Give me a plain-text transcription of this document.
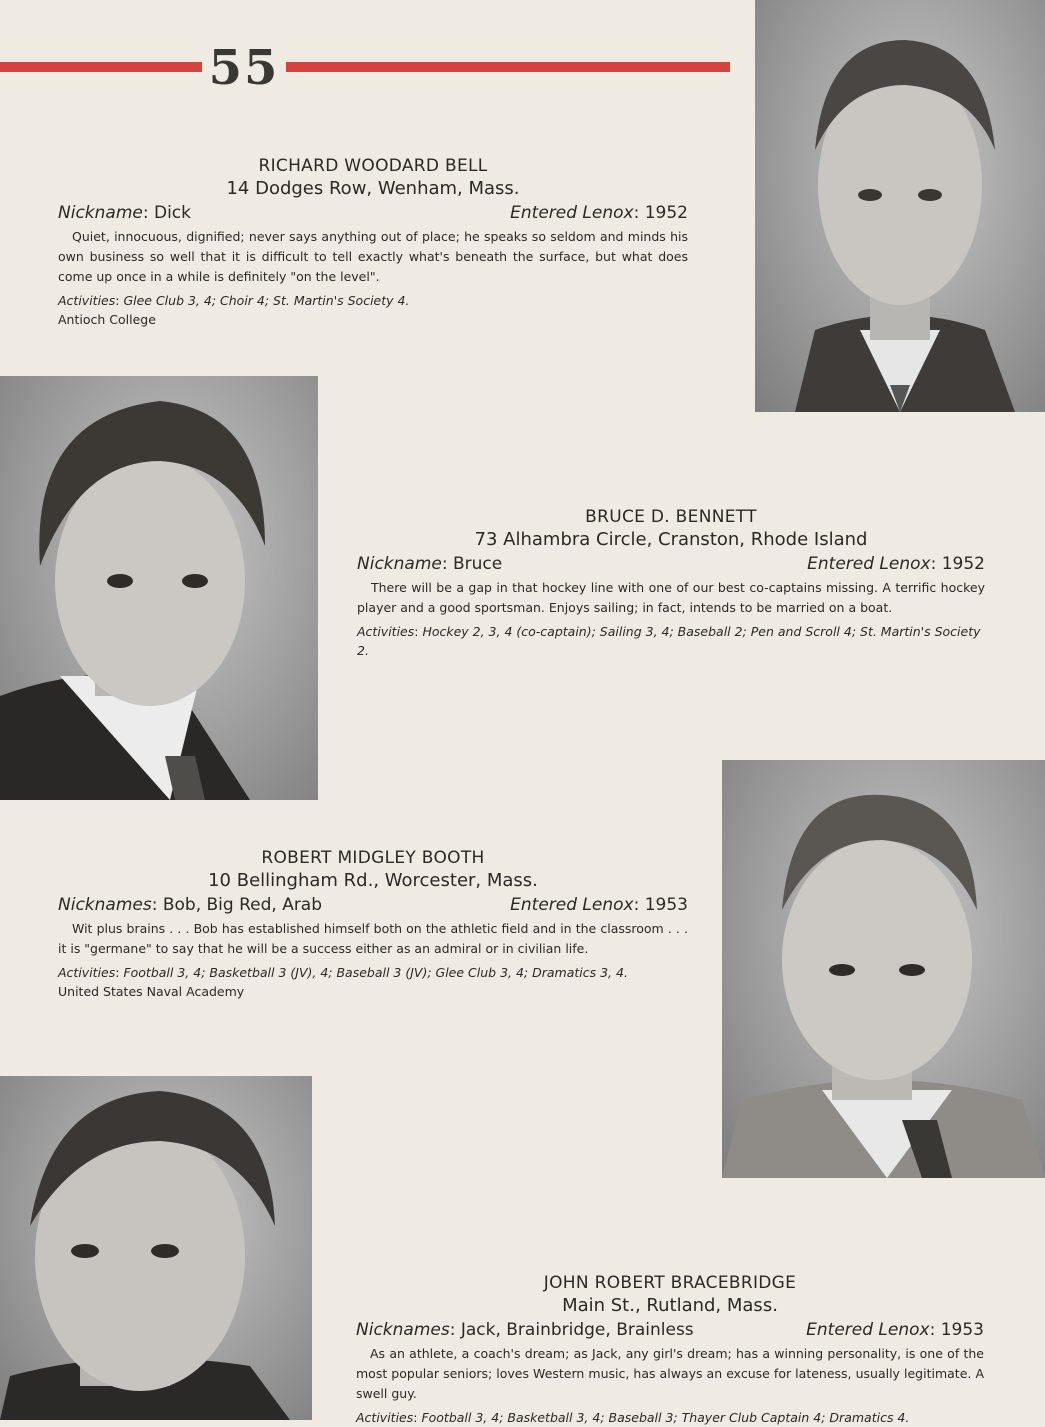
55
RICHARD WOODARD BELL
14 Dodges Row, Wenham, Mass.
Nickname: Dick	Entered Lenox: 1952
Quiet, innocuous, dignified; never says anything out of place; he speaks so seldom and minds his own business so well that it is difficult to tell exactly what's beneath the surface, but what does come up once in a while is definitely "on the level".
Activities: Glee Club 3, 4; Choir 4; St. Martin's Society 4.
Antioch College
BRUCE D. BENNETT
73 Alhambra Circle, Cranston, Rhode Island
Nickname: Bruce	Entered Lenox: 1952
There will be a gap in that hockey line with one of our best co-captains missing. A terrific hockey player and a good sportsman. Enjoys sailing; in fact, intends to be married on a boat.
Activities: Hockey 2, 3, 4 (co-captain); Sailing 3, 4; Baseball 2; Pen and Scroll 4; St. Martin's Society 2.
ROBERT MIDGLEY BOOTH
10 Bellingham Rd., Worcester, Mass.
Nicknames: Bob, Big Red, Arab	Entered Lenox: 1953
Wit plus brains . . . Bob has established himself both on the athletic field and in the classroom . . . it is "germane" to say that he will be a success either as an admiral or in civilian life.
Activities: Football 3, 4; Basketball 3 (JV), 4; Baseball 3 (JV); Glee Club 3, 4; Dramatics 3, 4.
United States Naval Academy
JOHN ROBERT BRACEBRIDGE
Main St., Rutland, Mass.
Nicknames: Jack, Brainbridge, Brainless	Entered Lenox: 1953
As an athlete, a coach's dream; as Jack, any girl's dream; has a winning personality, is one of the most popular seniors; loves Western music, has always an excuse for lateness, usually legitimate. A swell guy.
Activities: Football 3, 4; Basketball 3, 4; Baseball 3; Thayer Club Captain 4; Dramatics 4.
